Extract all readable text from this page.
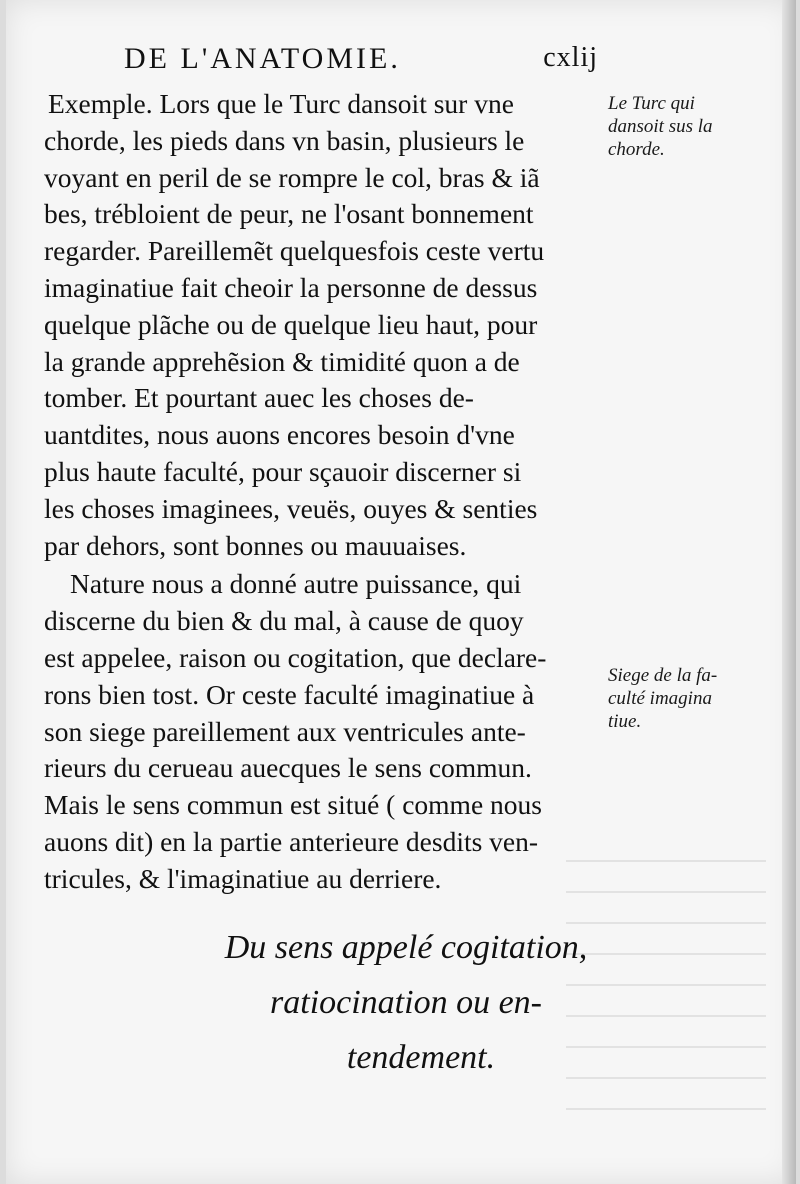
DE L'ANATOMIE.	cxlij
Exemple. Lors que le Turc dansoit sur vne
chorde, les pieds dans vn basin, plusieurs le
voyant en peril de se rompre le col, bras & iã
bes, trébloient de peur, ne l'osant bonnement
regarder. Pareillemẽt quelquesfois ceste vertu
imaginatiue fait cheoir la personne de dessus
quelque plãche ou de quelque lieu haut, pour
la grande apprehẽsion & timidité quon a de
tomber. Et pourtant auec les choses de-
uantdites, nous auons encores besoin d'vne
plus haute faculté, pour sçauoir discerner si
les choses imaginees, veuës, ouyes & senties
par dehors, sont bonnes ou mauuaises.
Nature nous a donné autre puissance, qui
discerne du bien & du mal, à cause de quoy
est appelee, raison ou cogitation, que declare-
rons bien tost. Or ceste faculté imaginatiue à
son siege pareillement aux ventricules ante-
rieurs du cerueau auecques le sens commun.
Mais le sens commun est situé ( comme nous
auons dit) en la partie anterieure desdits ven-
tricules, & l'imaginatiue au derriere.
Le Turc qui
dansoit sus la
chorde.
Siege de la fa-
culté imagina
tiue.
Du sens appelé cogitation,
ratiocination ou en-
tendement.
